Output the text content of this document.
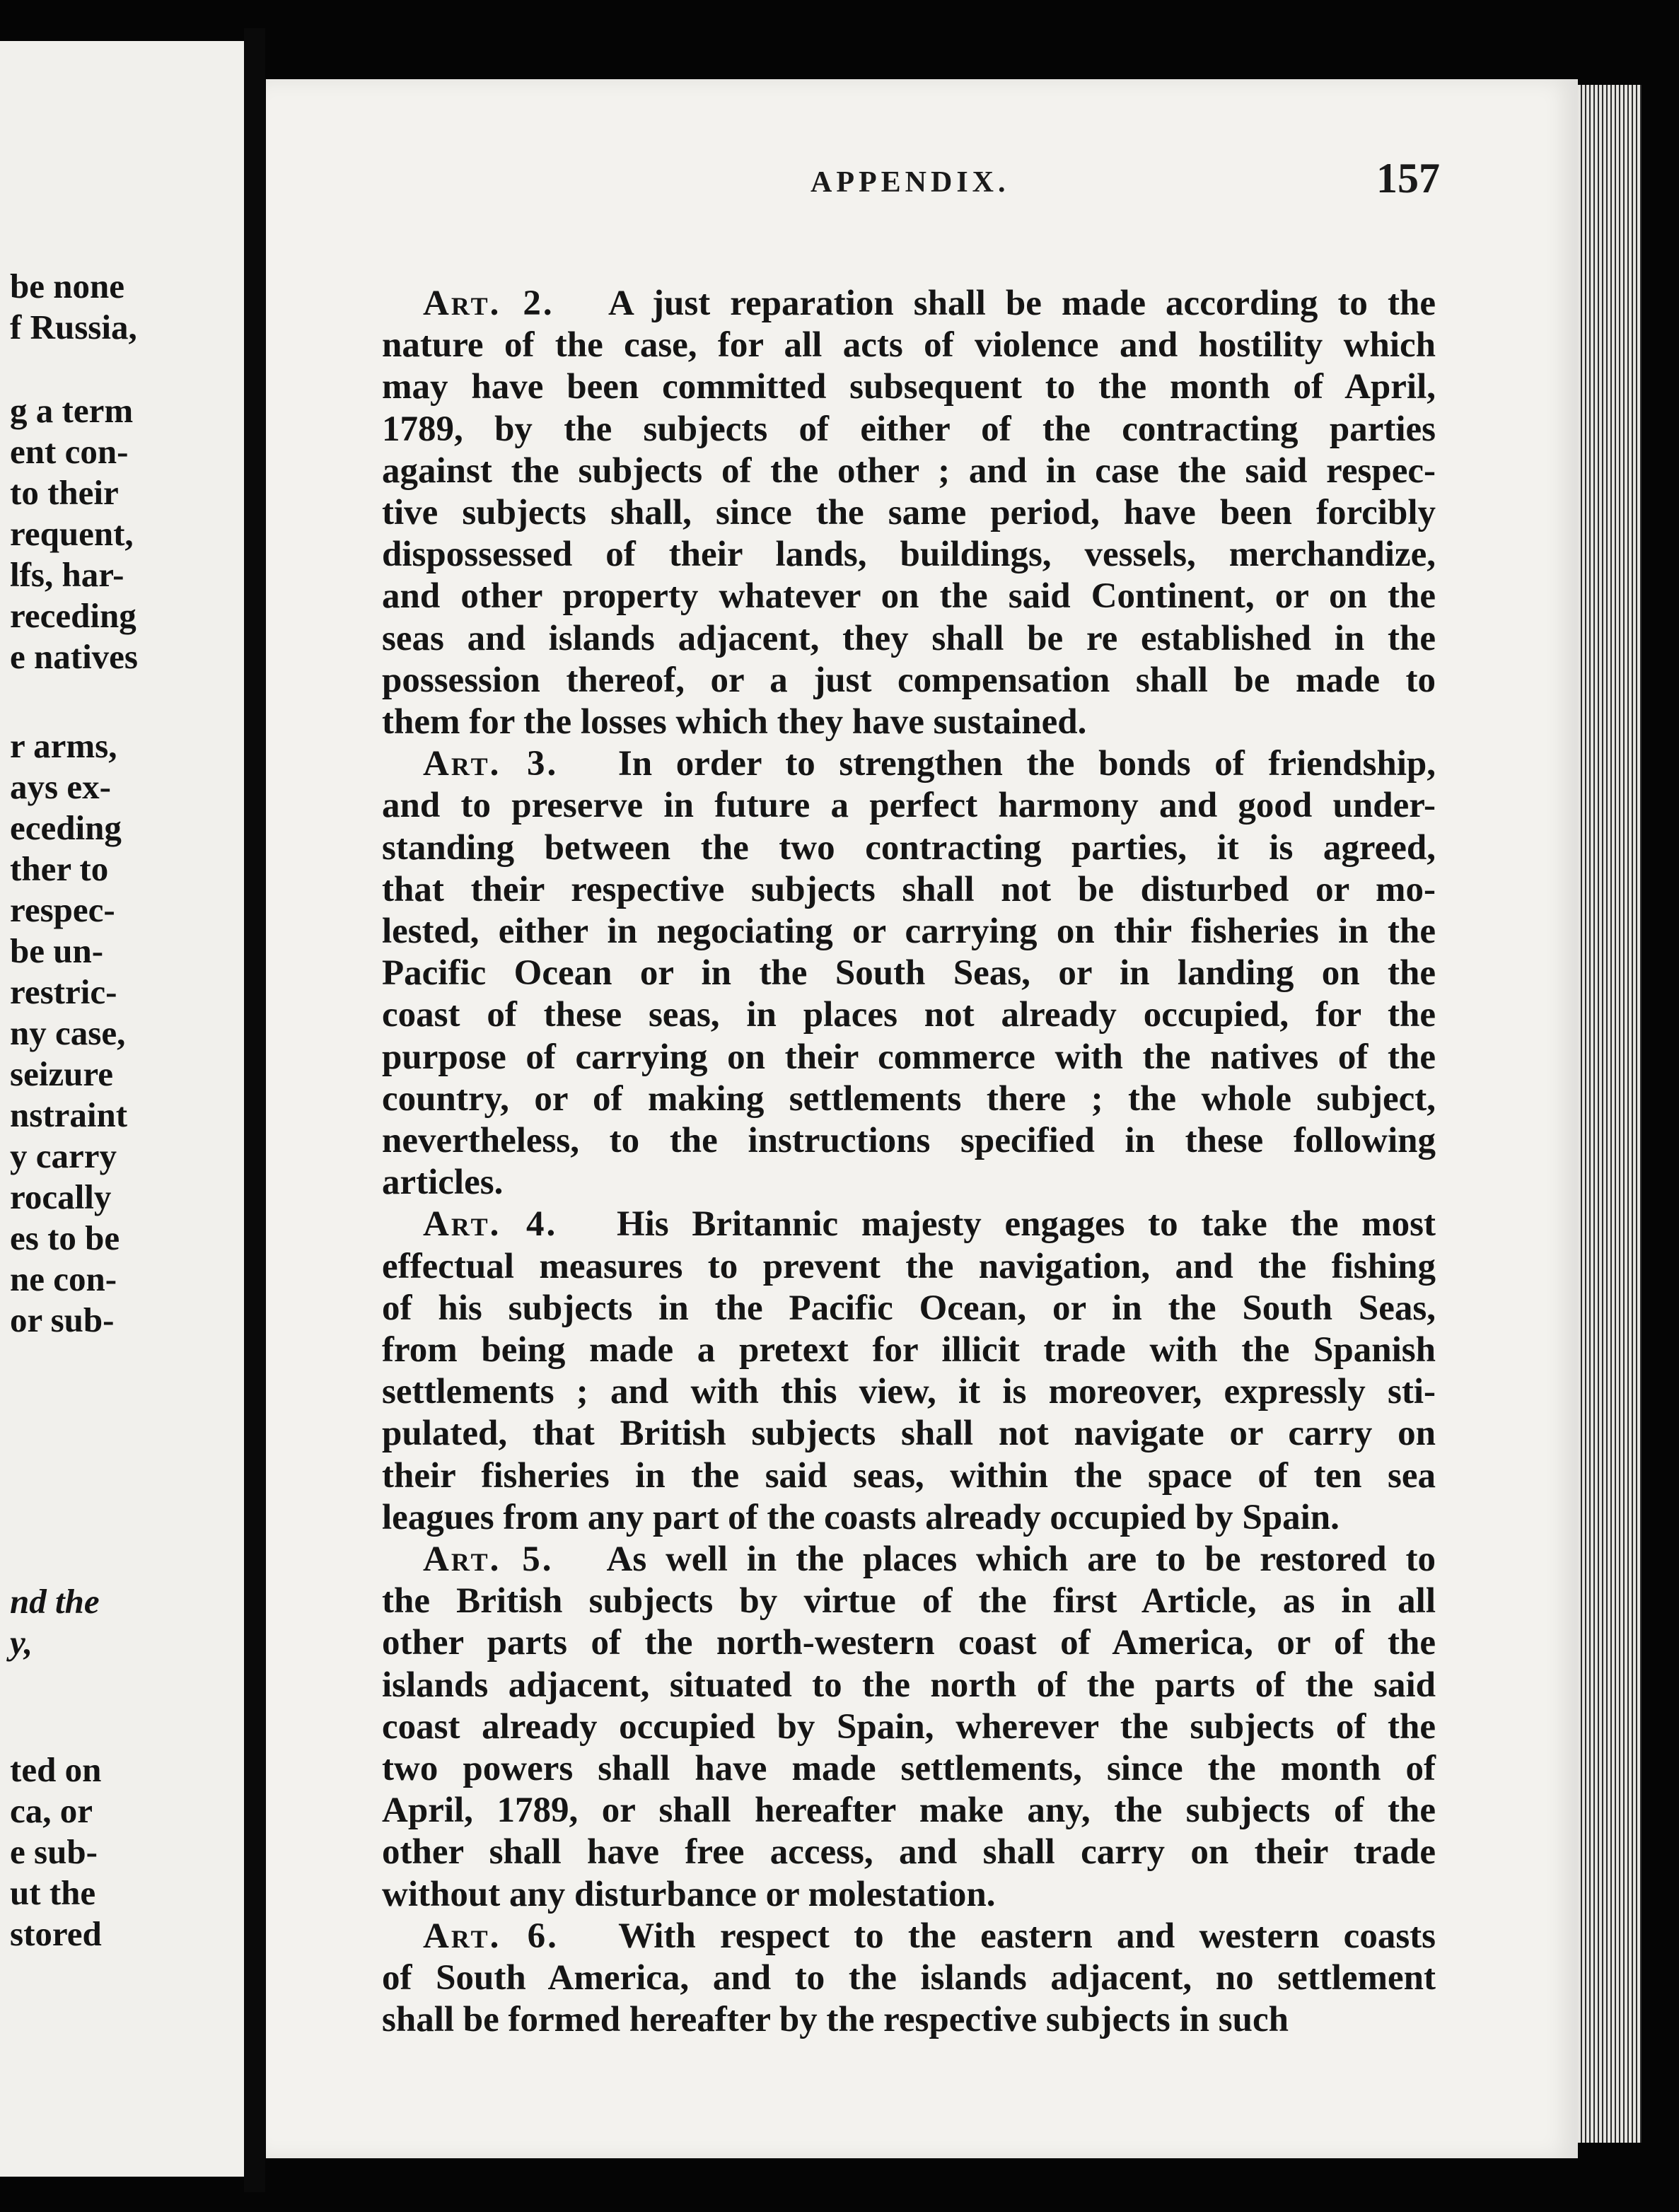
be none
f Russia,
g a term
ent con-
to their
requent,
lfs, har-
receding
e natives
r arms,
ays ex-
eceding
ther to
respec-
be un-
restric-
ny case,
seizure
nstraint
y carry
rocally
es to be
ne con-
or sub-
nd the
y,
ted on
ca, or
e sub-
ut the
stored
APPENDIX.	157
Art. 2.  A just reparation shall be made according to the
nature of the case, for all acts of violence and hostility which
may have been committed subsequent to the month of April,
1789, by the subjects of either of the contracting parties
against the subjects of the other ; and in case the said respec-
tive subjects shall, since the same period, have been forcibly
dispossessed of their lands, buildings, vessels, merchandize,
and other property whatever on the said Continent, or on the
seas and islands adjacent, they shall be re established in the
possession thereof, or a just compensation shall be made to
them for the losses which they have sustained.
Art. 3.  In order to strengthen the bonds of friendship,
and to preserve in future a perfect harmony and good under-
standing between the two contracting parties, it is agreed,
that their respective subjects shall not be disturbed or mo-
lested, either in negociating or carrying on thir fisheries in the
Pacific Ocean or in the South Seas, or in landing on the
coast of these seas, in places not already occupied, for the
purpose of carrying on their commerce with the natives of the
country, or of making settlements there ; the whole subject,
nevertheless, to the instructions specified in these following
articles.
Art. 4.  His Britannic majesty engages to take the most
effectual measures to prevent the navigation, and the fishing
of his subjects in the Pacific Ocean, or in the South Seas,
from being made a pretext for illicit trade with the Spanish
settlements ; and with this view, it is moreover, expressly sti-
pulated, that British subjects shall not navigate or carry on
their fisheries in the said seas, within the space of ten sea
leagues from any part of the coasts already occupied by Spain.
Art. 5.  As well in the places which are to be restored to
the British subjects by virtue of the first Article, as in all
other parts of the north-western coast of America, or of the
islands adjacent, situated to the north of the parts of the said
coast already occupied by Spain, wherever the subjects of the
two powers shall have made settlements, since the month of
April, 1789, or shall hereafter make any, the subjects of the
other shall have free access, and shall carry on their trade
without any disturbance or molestation.
Art. 6.  With respect to the eastern and western coasts
of South America, and to the islands adjacent, no settlement
shall be formed hereafter by the respective subjects in such
